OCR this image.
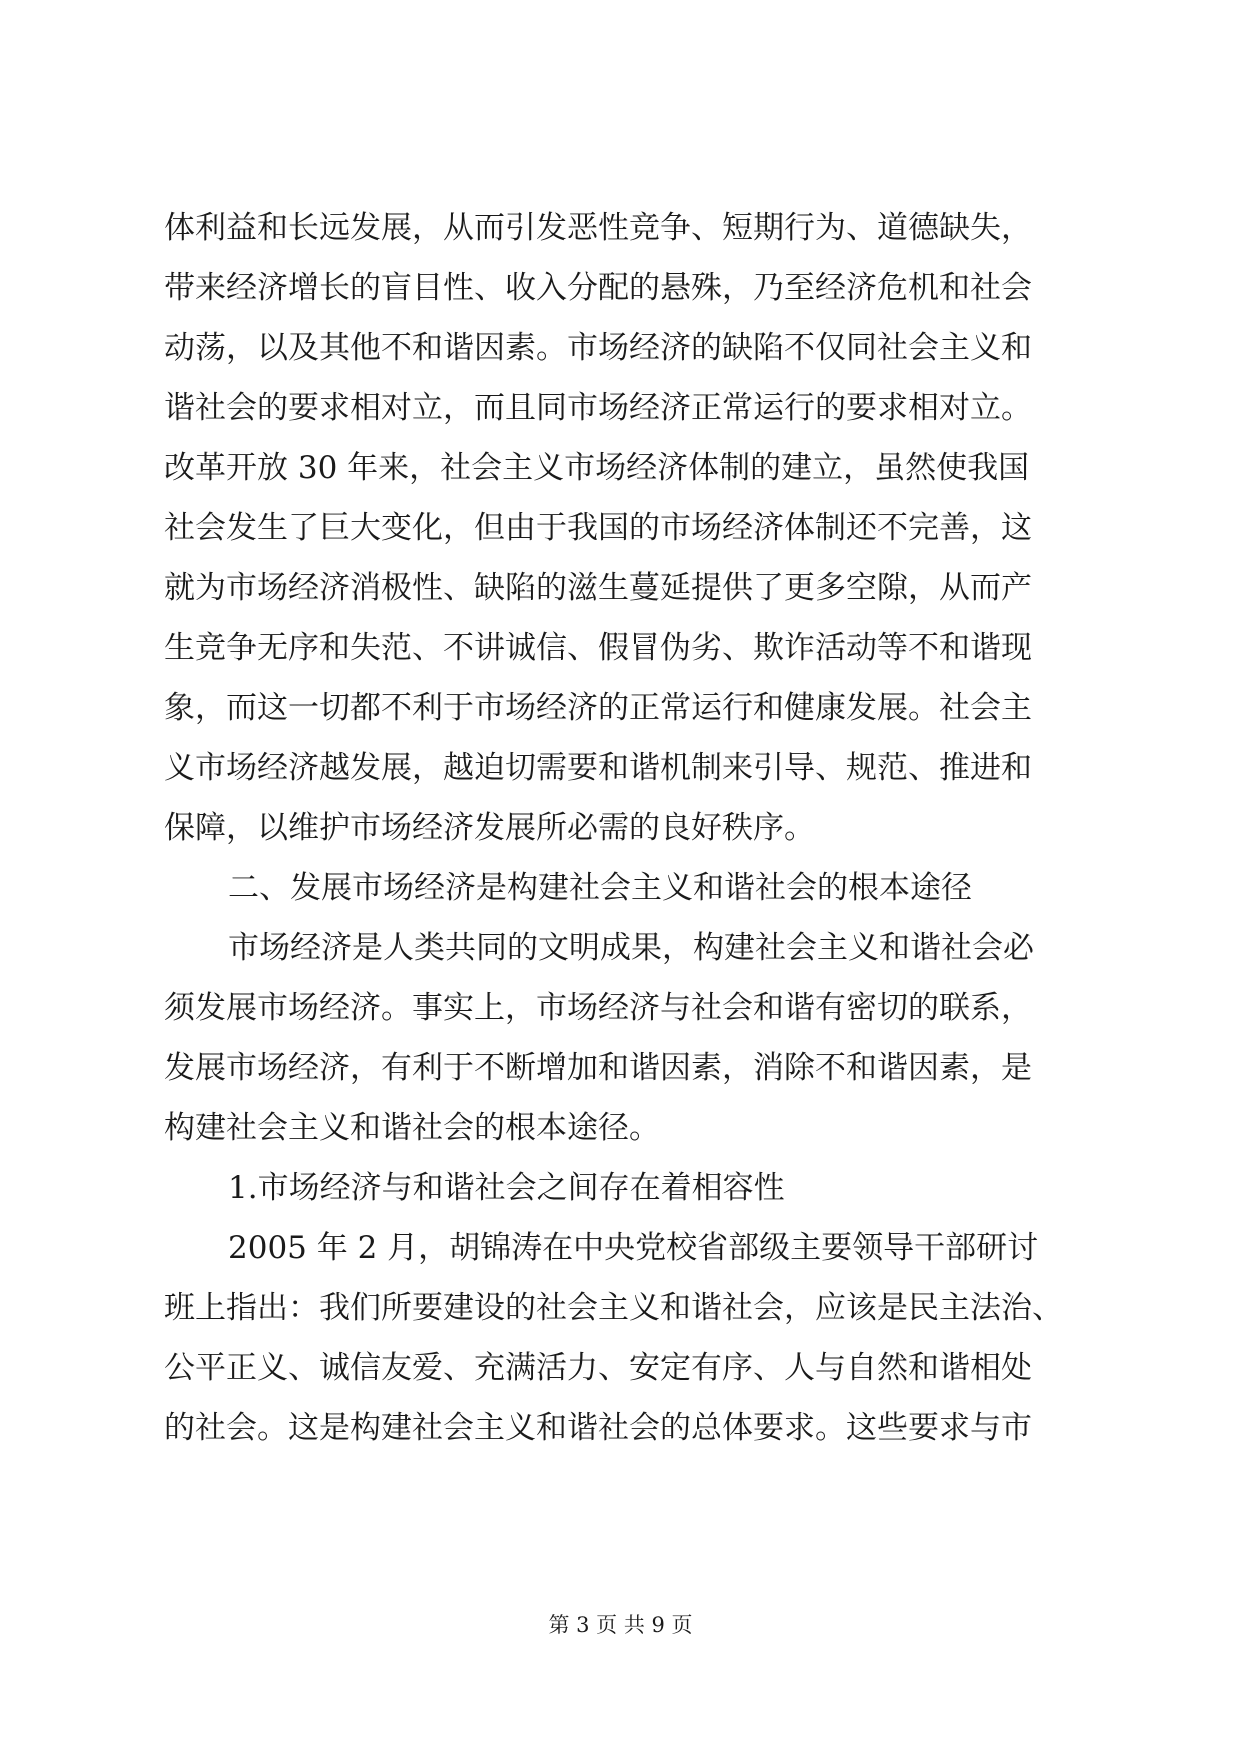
体利益和长远发展，从而引发恶性竞争、短期行为、道德缺失，
带来经济增长的盲目性、收入分配的悬殊，乃至经济危机和社会
动荡，以及其他不和谐因素。市场经济的缺陷不仅同社会主义和
谐社会的要求相对立，而且同市场经济正常运行的要求相对立。
改革开放 30 年来，社会主义市场经济体制的建立，虽然使我国
社会发生了巨大变化，但由于我国的市场经济体制还不完善，这
就为市场经济消极性、缺陷的滋生蔓延提供了更多空隙，从而产
生竞争无序和失范、不讲诚信、假冒伪劣、欺诈活动等不和谐现
象，而这一切都不利于市场经济的正常运行和健康发展。社会主
义市场经济越发展，越迫切需要和谐机制来引导、规范、推进和
保障，以维护市场经济发展所必需的良好秩序。
二、发展市场经济是构建社会主义和谐社会的根本途径
市场经济是人类共同的文明成果，构建社会主义和谐社会必
须发展市场经济。事实上，市场经济与社会和谐有密切的联系，
发展市场经济，有利于不断增加和谐因素，消除不和谐因素，是
构建社会主义和谐社会的根本途径。
1.市场经济与和谐社会之间存在着相容性
2005 年 2 月，胡锦涛在中央党校省部级主要领导干部研讨
班上指出：我们所要建设的社会主义和谐社会，应该是民主法治、
公平正义、诚信友爱、充满活力、安定有序、人与自然和谐相处
的社会。这是构建社会主义和谐社会的总体要求。这些要求与市
第 3 页 共 9 页
